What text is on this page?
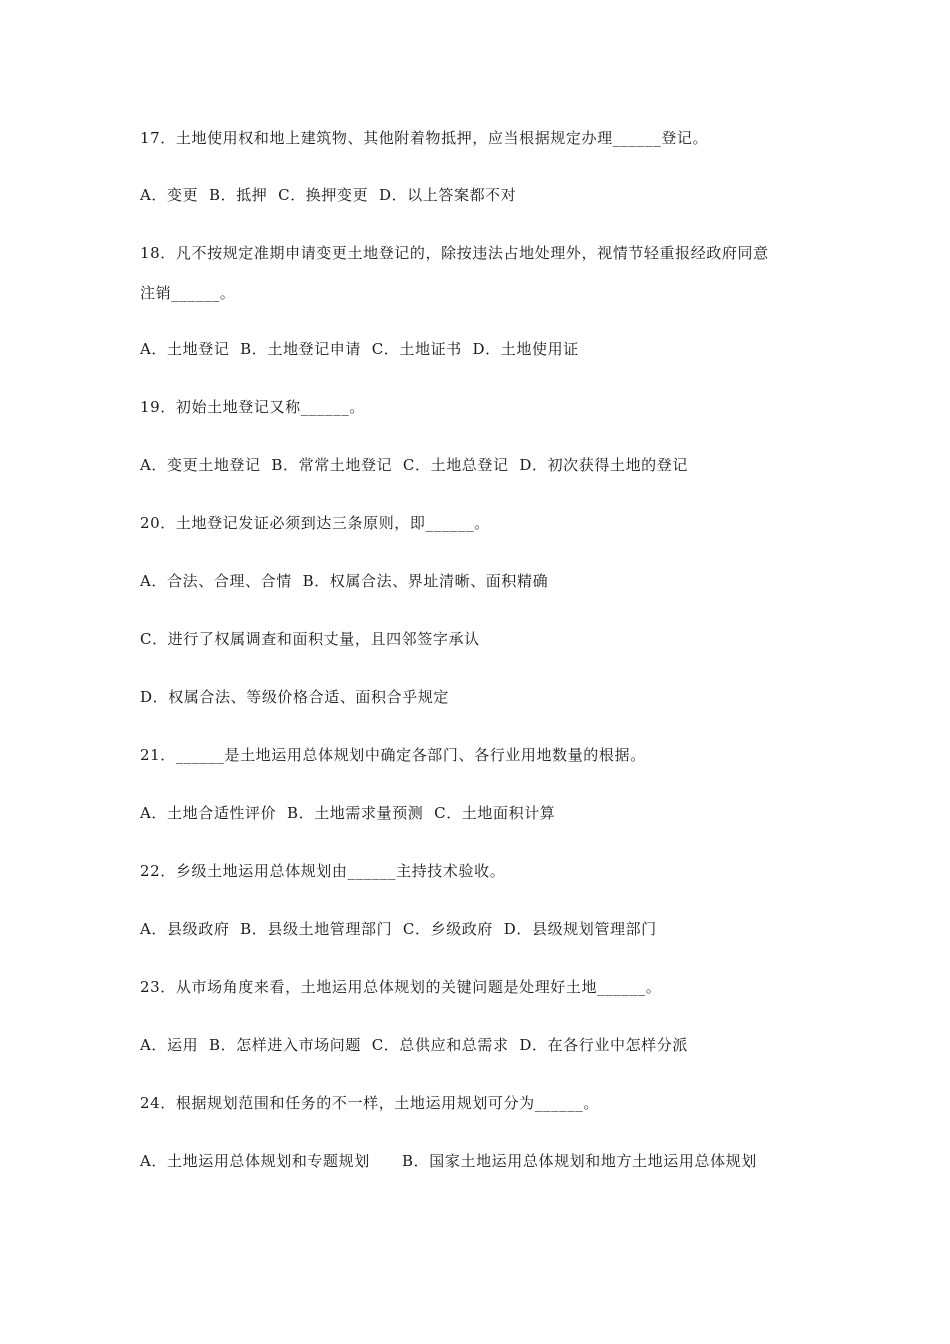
17．土地使用权和地上建筑物、其他附着物抵押，应当根据规定办理______登记。
A．变更  B．抵押  C．换押变更  D．以上答案都不对
18．凡不按规定准期申请变更土地登记的，除按违法占地处理外，视情节轻重报经政府同意
注销______。
A．土地登记  B．土地登记申请  C．土地证书  D．土地使用证
19．初始土地登记又称______。
A．变更土地登记  B．常常土地登记  C．土地总登记  D．初次获得土地的登记
20．土地登记发证必须到达三条原则，即______。
A．合法、合理、合情  B．权属合法、界址清晰、面积精确
C．进行了权属调查和面积丈量，且四邻签字承认
D．权属合法、等级价格合适、面积合乎规定
21．______是土地运用总体规划中确定各部门、各行业用地数量的根据。
A．土地合适性评价  B．土地需求量预测  C．土地面积计算
22．乡级土地运用总体规划由______主持技术验收。
A．县级政府  B．县级土地管理部门  C．乡级政府  D．县级规划管理部门
23．从市场角度来看，土地运用总体规划的关键问题是处理好土地______。
A．运用  B．怎样进入市场问题  C．总供应和总需求  D．在各行业中怎样分派
24．根据规划范围和任务的不一样，土地运用规划可分为______。
A．土地运用总体规划和专题规划      B．国家土地运用总体规划和地方土地运用总体规划
